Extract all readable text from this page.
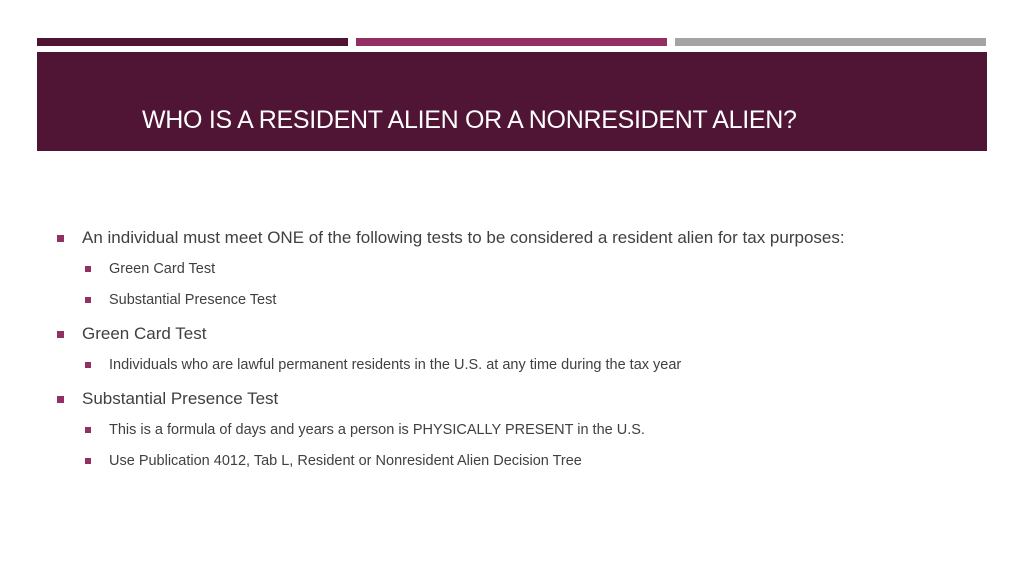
WHO IS A RESIDENT ALIEN OR A NONRESIDENT ALIEN?
An individual must meet ONE of the following tests to be considered a resident alien for tax purposes:
Green Card Test
Substantial Presence Test
Green Card Test
Individuals who are lawful permanent residents in the U.S. at any time during the tax year
Substantial Presence Test
This is a formula of days and years a person is PHYSICALLY PRESENT in the U.S.
Use Publication 4012, Tab L, Resident or Nonresident Alien Decision Tree
